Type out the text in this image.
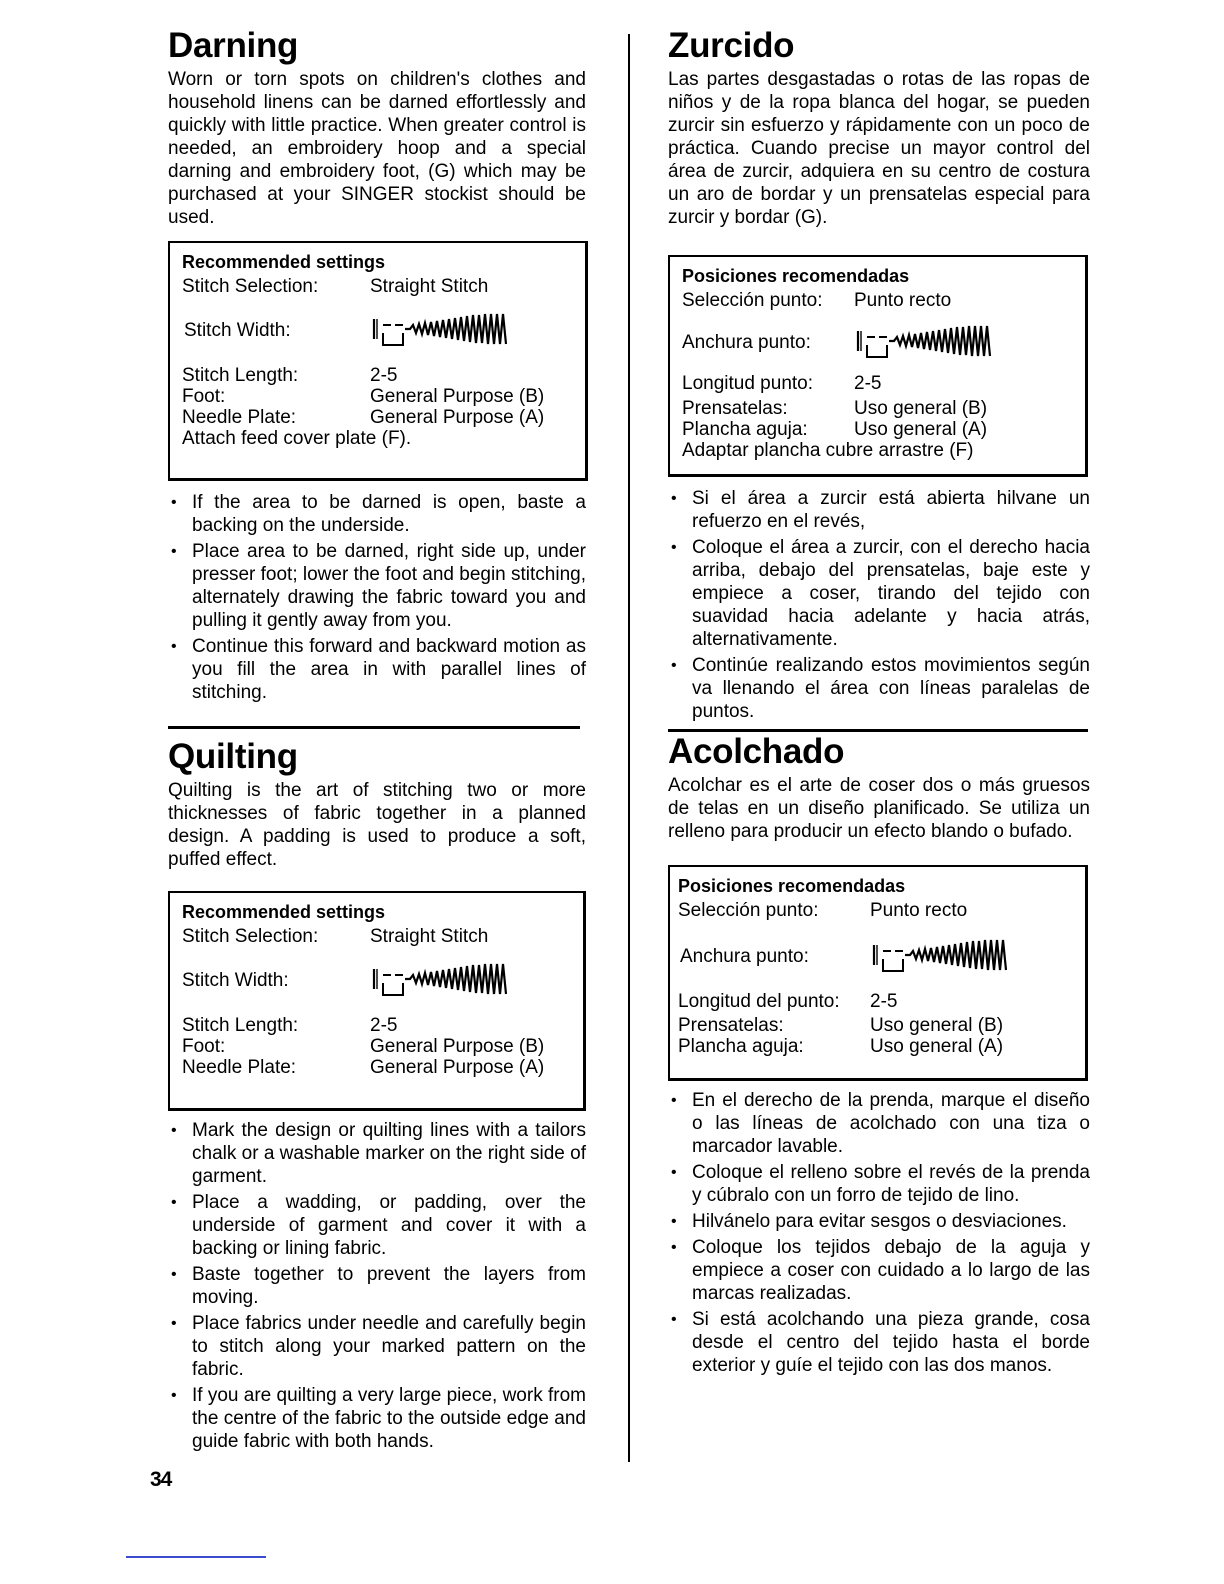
Darning

Worn or torn spots on children's clothes and household linens can be darned effortlessly and quickly with little practice. When greater control is needed, an embroidery hoop and a special darning and embroidery foot, (G) which may be purchased at your SINGER stockist should be used.

Recommended settings
Stitch Selection:	Straight Stitch
Stitch Width:
Stitch Length:	2-5
Foot:	General Purpose (B)
Needle Plate:	General Purpose (A)
Attach feed cover plate (F).
• If the area to be darned is open, baste a backing on the underside.
• Place area to be darned, right side up, under presser foot; lower the foot and begin stitching, alternately drawing the fabric toward you and pulling it gently away from you.
• Continue this forward and backward motion as you fill the area in with parallel lines of stitching.
Quilting

Quilting is the art of stitching two or more thicknesses of fabric together in a planned design. A padding is used to produce a soft, puffed effect.

Recommended settings
Stitch Selection:	Straight Stitch
Stitch Width:
Stitch Length:	2-5
Foot:	General Purpose (B)
Needle Plate:	General Purpose (A)
• Mark the design or quilting lines with a tailors chalk or a washable marker on the right side of garment.
• Place a wadding, or padding, over the underside of garment and cover it with a backing or lining fabric.
• Baste together to prevent the layers from moving.
• Place fabrics under needle and carefully begin to stitch along your marked pattern on the fabric.
• If you are quilting a very large piece, work from the centre of the fabric to the outside edge and guide fabric with both hands.
Zurcido

Las partes desgastadas o rotas de las ropas de niños y de la ropa blanca del hogar, se pueden zurcir sin esfuerzo y rápidamente con un poco de práctica. Cuando precise un mayor control del área de zurcir, adquiera en su centro de costura un aro de bordar y un prensatelas especial para zurcir y bordar (G).

Posiciones recomendadas
Selección punto:	Punto recto
Anchura punto:
Longitud punto:	2-5
Prensatelas:	Uso general (B)
Plancha aguja:	Uso general (A)
Adaptar plancha cubre arrastre (F)
• Si el área a zurcir está abierta hilvane un refuerzo en el revés,
• Coloque el área a zurcir, con el derecho hacia arriba, debajo del prensatelas, baje este y empiece a coser, tirando del tejido con suavidad hacia adelante y hacia atrás, alternativamente.
• Continúe realizando estos movimientos según va llenando el área con líneas paralelas de puntos.
Acolchado

Acolchar es el arte de coser dos o más gruesos de telas en un diseño planificado. Se utiliza un relleno para producir un efecto blando o bufado.

Posiciones recomendadas
Selección punto:	Punto recto
Anchura punto:
Longitud del punto:	2-5
Prensatelas:	Uso general (B)
Plancha aguja:	Uso general (A)
• En el derecho de la prenda, marque el diseño o las líneas de acolchado con una tiza o marcador lavable.
• Coloque el relleno sobre el revés de la prenda y cúbralo con un forro de tejido de lino.
• Hilvánelo para evitar sesgos o desviaciones.
• Coloque los tejidos debajo de la aguja y empiece a coser con cuidado a lo largo de las marcas realizadas.
• Si está acolchando una pieza grande, cosa desde el centro del tejido hasta el borde exterior y guíe el tejido con las dos manos.
34
